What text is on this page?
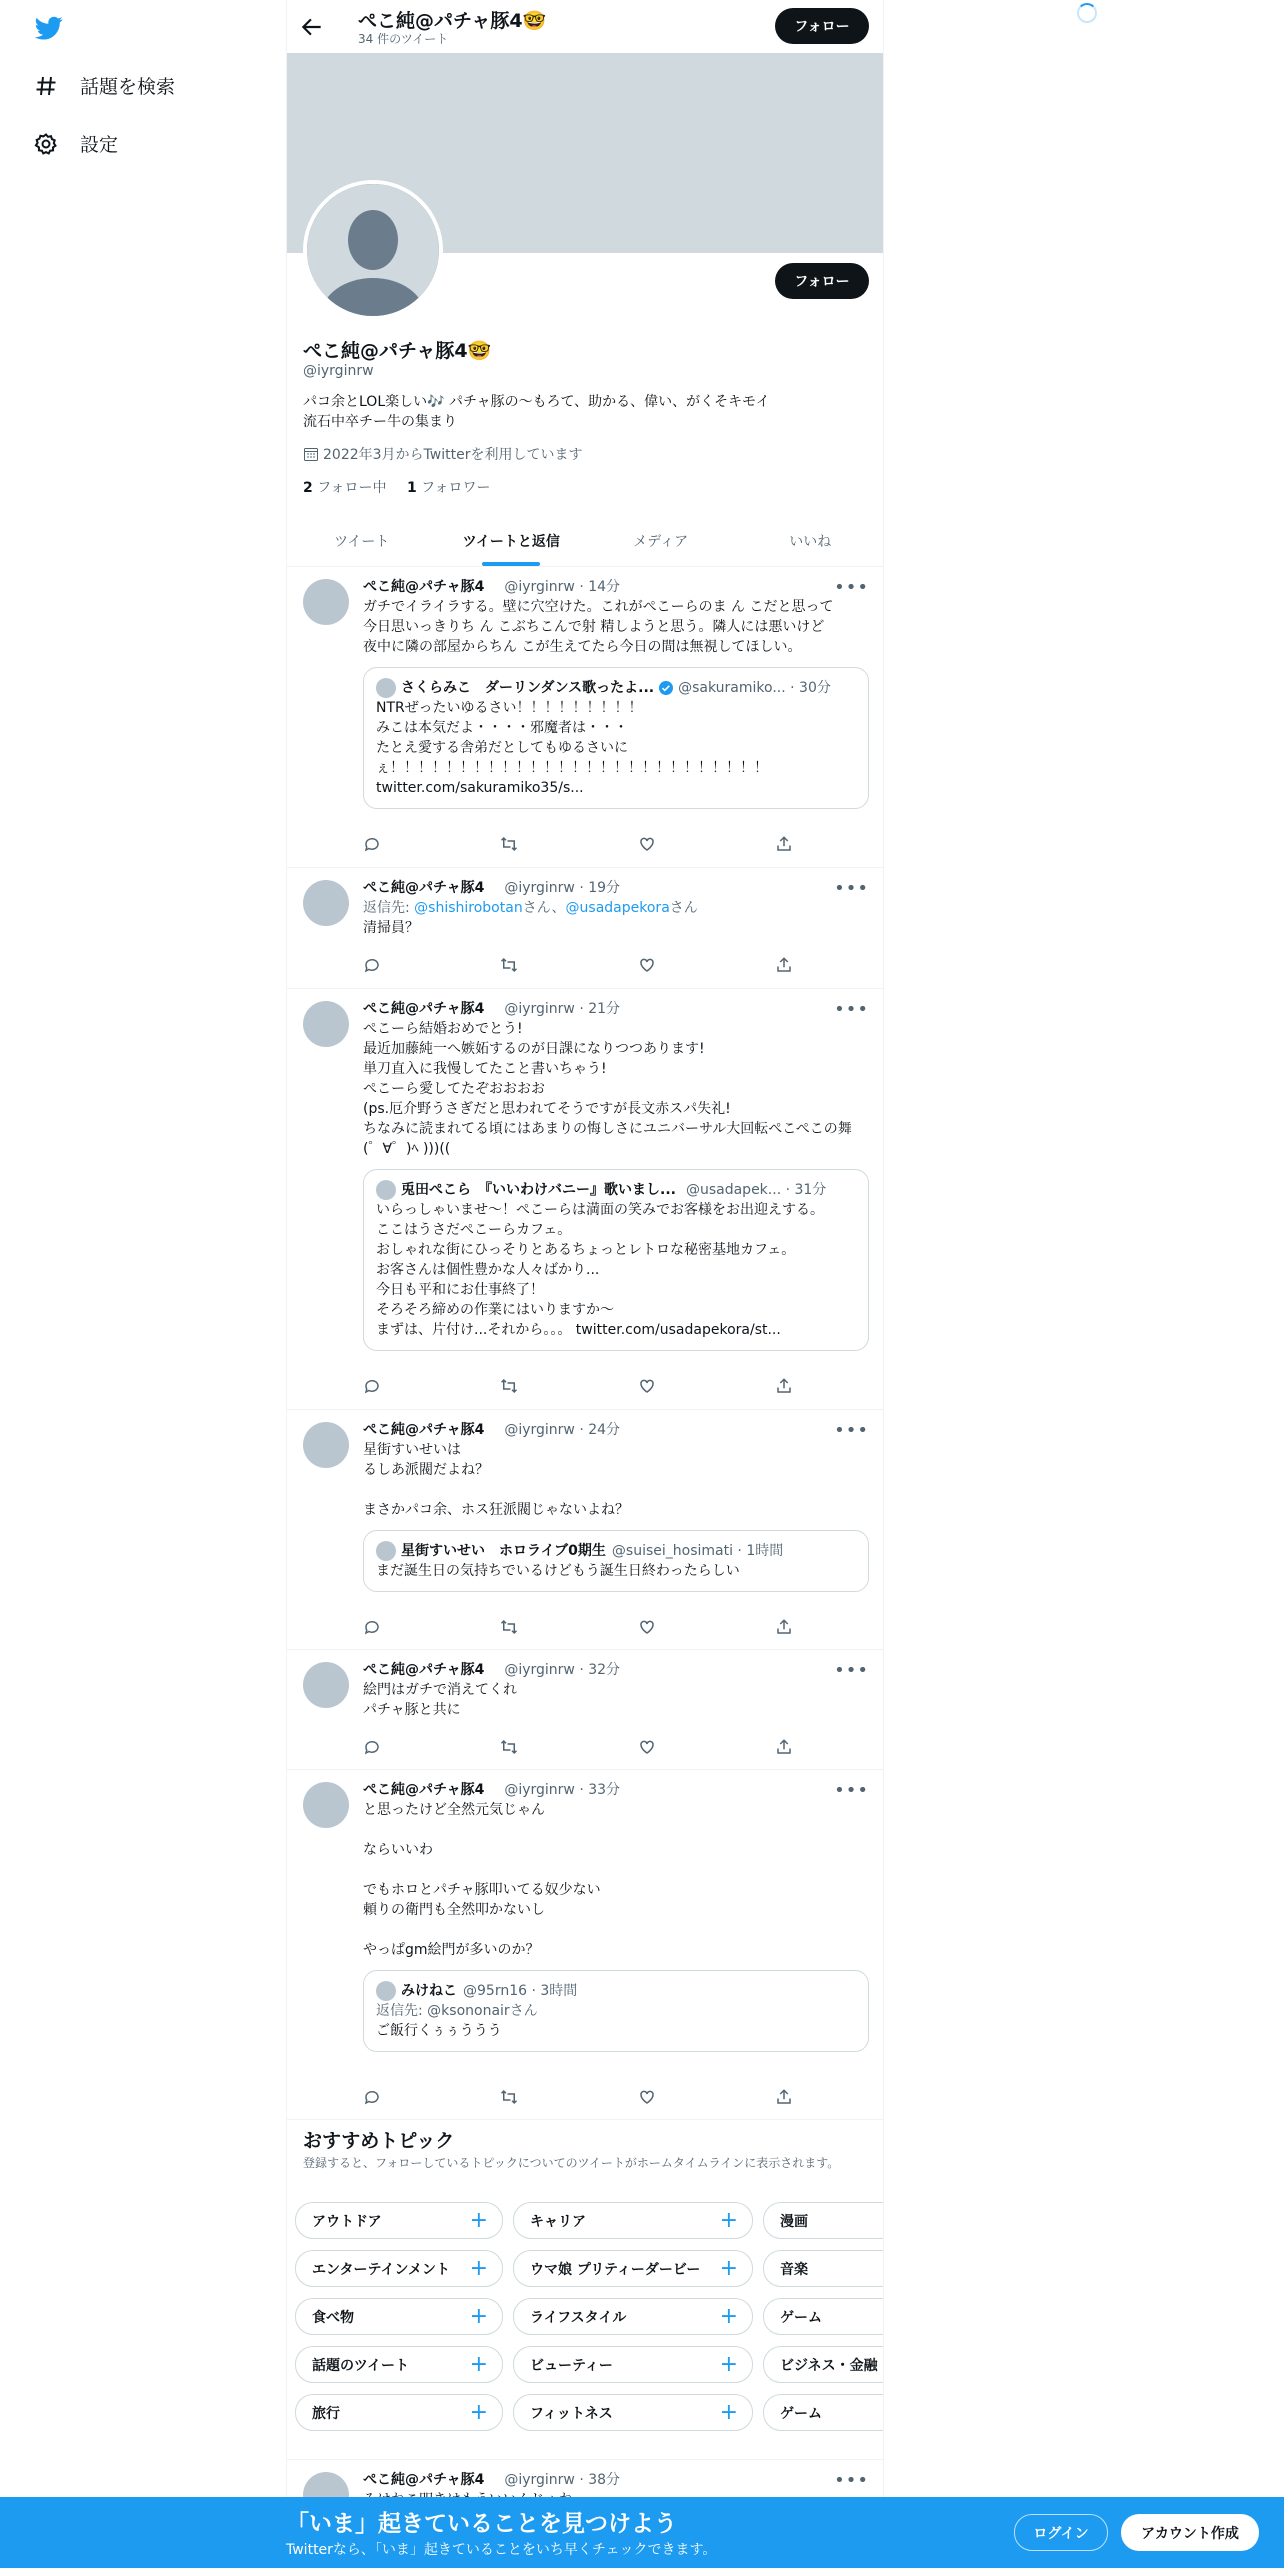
話題を検索
設定
ぺこ純@パチャ豚4🤓
34 件のツイート
フォロー
フォロー
ぺこ純@パチャ豚4🤓
@iyrginrw
パコ余とLOL楽しい🎶 パチャ豚の〜もろて、助かる、偉い、がくそキモイ
流石中卒チー牛の集まり
2022年3月からTwitterを利用しています
2 フォロー中 1 フォロワー
ツイート	ツイートと返信	メディア	いいね
•••
ぺこ純@パチャ豚4 @iyrginrw · 14分
ガチでイライラする。壁に穴空けた。これがぺこーらのま ん こだと思って
今日思いっきりち ん こぶちこんで射 精しようと思う。隣人には悪いけど
夜中に隣の部屋からちん こが生えてたら今日の間は無視してほしい。
さくらみこ　ダーリンダンス歌ったよ... @sakuramiko... · 30分
NTRぜったいゆるさい！！！！！！！！！
みこは本気だよ・・・・邪魔者は・・・
たとえ愛する舎弟だとしてもゆるさいにぇ！！！！！！！！！！！！！！！！！！！！！！！！！！！
twitter.com/sakuramiko35/s...
•••
ぺこ純@パチャ豚4 @iyrginrw · 19分
返信先: @shishirobotanさん、@usadapekoraさん
清掃員？
•••
ぺこ純@パチャ豚4 @iyrginrw · 21分
ぺこーら結婚おめでとう!
最近加藤純一へ嫉妬するのが日課になりつつあります!
単刀直入に我慢してたこと書いちゃう!
ぺこーら愛してたぞおおおお
(ps.厄介野うさぎだと思われてそうですが長文赤スパ失礼!
ちなみに読まれてる頃にはあまりの悔しさにユニバーサル大回転ぺこぺこの舞(゜∀゜)ﾍ )))((
兎田ぺこら　『いいわけバニー』歌いまし... @usadapek... · 31分
いらっしゃいませ～！ぺこーらは満面の笑みでお客様をお出迎えする。
ここはうさだぺこーらカフェ。
おしゃれな街にひっそりとあるちょっとレトロな秘密基地カフェ。
お客さんは個性豊かな人々ばかり...
今日も平和にお仕事終了！
そろそろ締めの作業にはいりますか～
まずは、片付け...それから。。。 twitter.com/usadapekora/st...
•••
ぺこ純@パチャ豚4 @iyrginrw · 24分
星街すいせいは
るしあ派閥だよね？

まさかパコ余、ホス狂派閥じゃないよね？
星街すいせい　ホロライブ0期生 @suisei_hosimati · 1時間
まだ誕生日の気持ちでいるけどもう誕生日終わったらしい
•••
ぺこ純@パチャ豚4 @iyrginrw · 32分
絵門はガチで消えてくれ
パチャ豚と共に
•••
ぺこ純@パチャ豚4 @iyrginrw · 33分
と思ったけど全然元気じゃん

ならいいわ

でもホロとパチャ豚叩いてる奴少ない
頼りの衛門も全然叩かないし

やっぱgm絵門が多いのか？
みけねこ @95rn16 · 3時間
返信先: @ksononairさん
ご飯行くぅぅううう
おすすめトピック
登録すると、フォローしているトピックについてのツイートがホームタイムラインに表示されます。
アウトドア	+	キャリア	+	漫画
エンターテインメント +	ウマ娘 プリティーダービー +	音楽
食べ物	+	ライフスタイル	+	ゲーム
話題のツイート	+	ビューティー	+	ビジネス・金融
旅行	+	フィットネス	+	ゲーム
•••
ぺこ純@パチャ豚4 @iyrginrw · 38分
「いま」起きていることを見つけよう
Twitterなら、「いま」起きていることをいち早くチェックできます。
ログイン	アカウント作成
